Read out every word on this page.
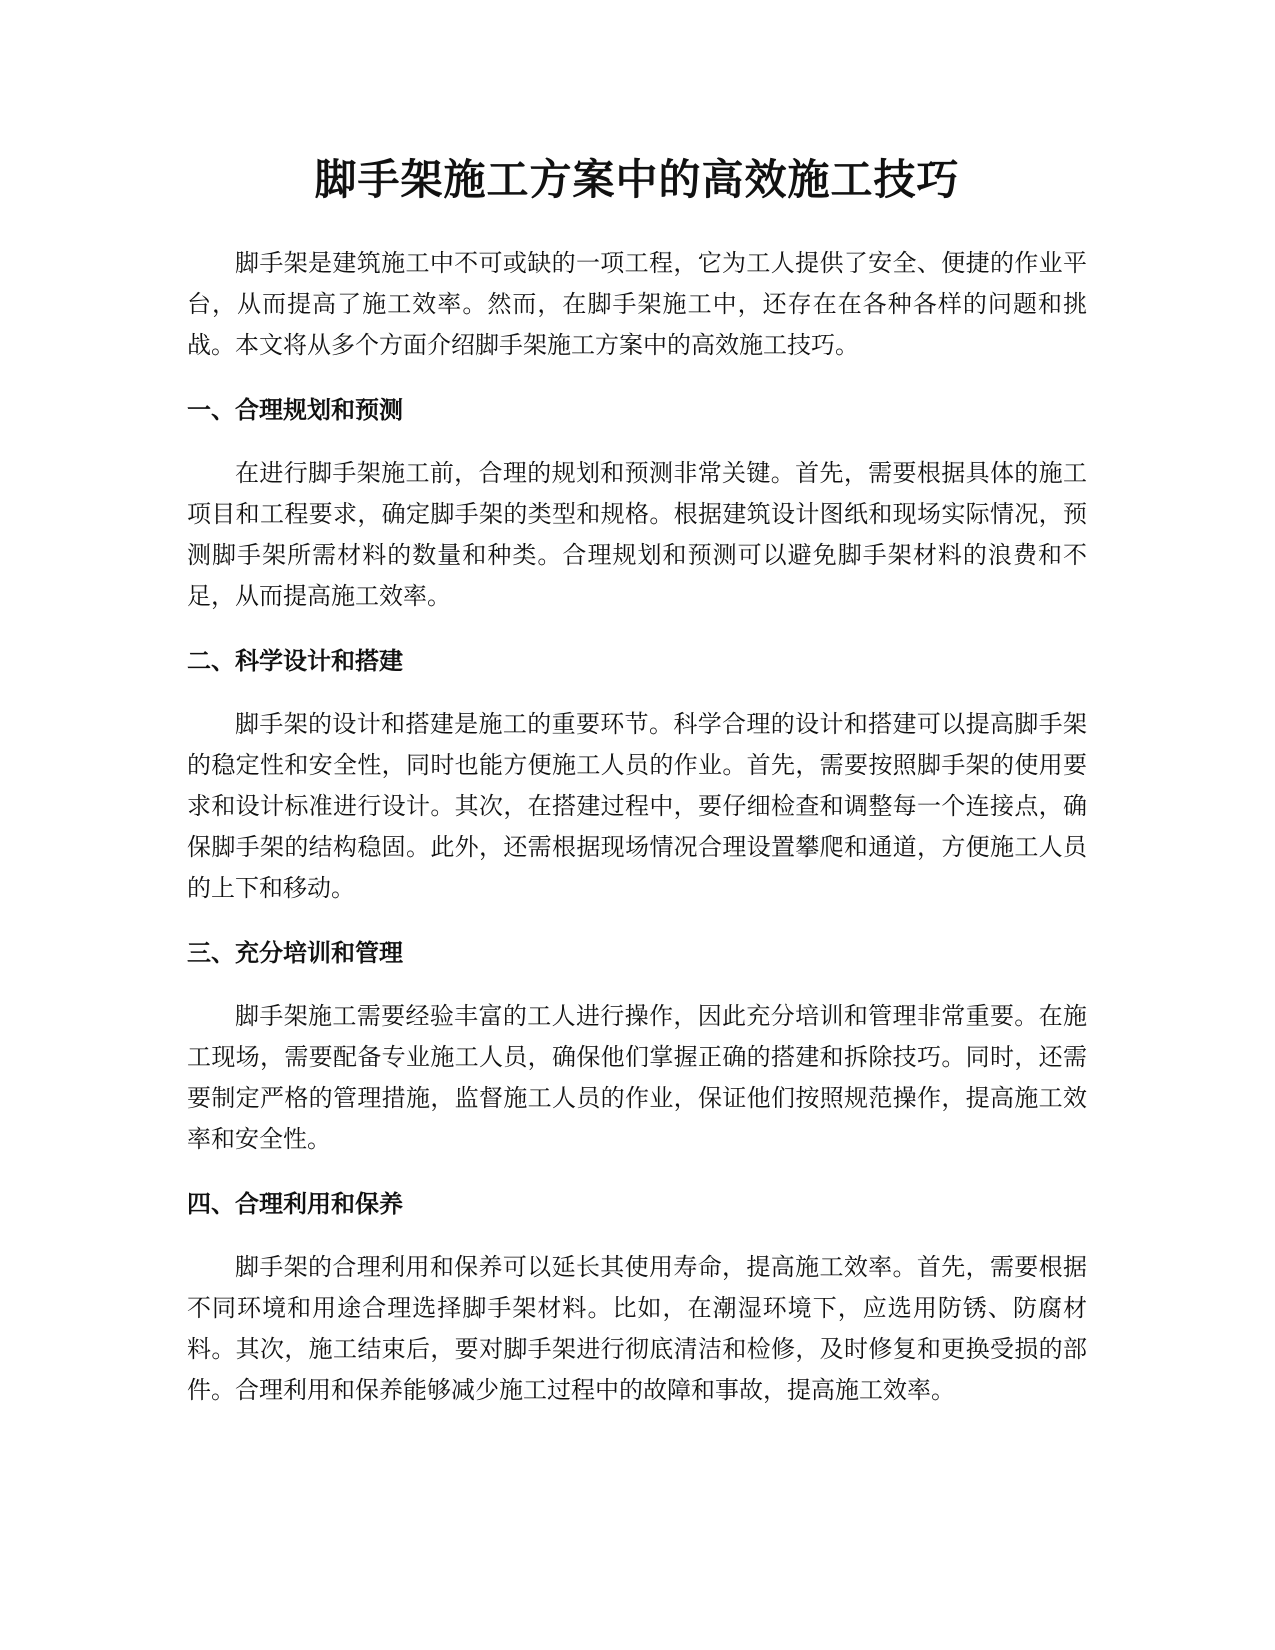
脚手架施工方案中的高效施工技巧

脚手架是建筑施工中不可或缺的一项工程，它为工人提供了安全、便捷的作业平台，从而提高了施工效率。然而，在脚手架施工中，还存在在各种各样的问题和挑战。本文将从多个方面介绍脚手架施工方案中的高效施工技巧。

一、合理规划和预测

在进行脚手架施工前，合理的规划和预测非常关键。首先，需要根据具体的施工项目和工程要求，确定脚手架的类型和规格。根据建筑设计图纸和现场实际情况，预测脚手架所需材料的数量和种类。合理规划和预测可以避免脚手架材料的浪费和不足，从而提高施工效率。

二、科学设计和搭建

脚手架的设计和搭建是施工的重要环节。科学合理的设计和搭建可以提高脚手架的稳定性和安全性，同时也能方便施工人员的作业。首先，需要按照脚手架的使用要求和设计标准进行设计。其次，在搭建过程中，要仔细检查和调整每一个连接点，确保脚手架的结构稳固。此外，还需根据现场情况合理设置攀爬和通道，方便施工人员的上下和移动。

三、充分培训和管理

脚手架施工需要经验丰富的工人进行操作，因此充分培训和管理非常重要。在施工现场，需要配备专业施工人员，确保他们掌握正确的搭建和拆除技巧。同时，还需要制定严格的管理措施，监督施工人员的作业，保证他们按照规范操作，提高施工效率和安全性。

四、合理利用和保养

脚手架的合理利用和保养可以延长其使用寿命，提高施工效率。首先，需要根据不同环境和用途合理选择脚手架材料。比如，在潮湿环境下，应选用防锈、防腐材料。其次，施工结束后，要对脚手架进行彻底清洁和检修，及时修复和更换受损的部件。合理利用和保养能够减少施工过程中的故障和事故，提高施工效率。
